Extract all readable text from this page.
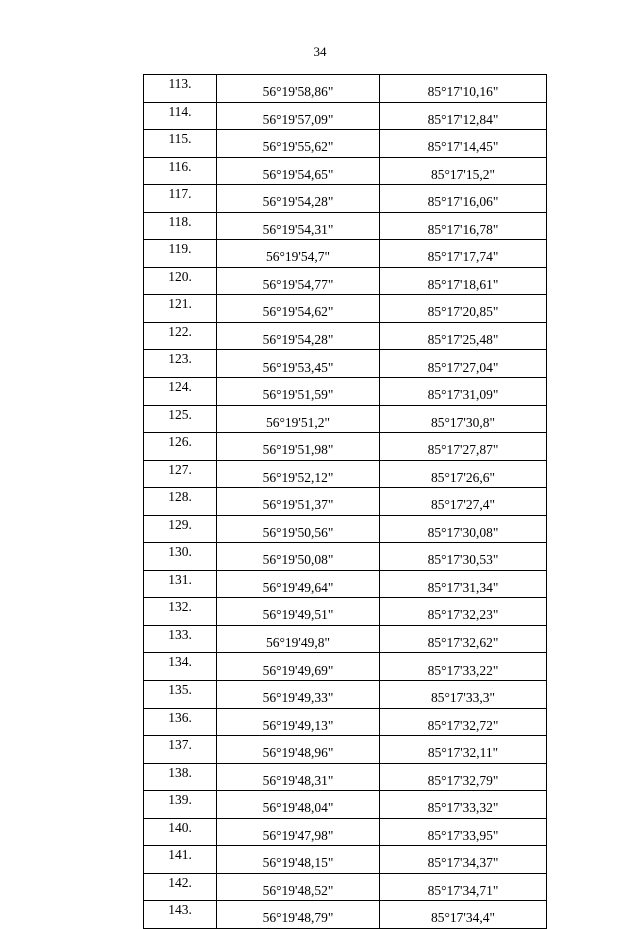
34
113.	56°19'58,86"	85°17'10,16"
114.	56°19'57,09"	85°17'12,84"
115.	56°19'55,62"	85°17'14,45"
116.	56°19'54,65"	85°17'15,2"
117.	56°19'54,28"	85°17'16,06"
118.	56°19'54,31"	85°17'16,78"
119.	56°19'54,7"	85°17'17,74"
120.	56°19'54,77"	85°17'18,61"
121.	56°19'54,62"	85°17'20,85"
122.	56°19'54,28"	85°17'25,48"
123.	56°19'53,45"	85°17'27,04"
124.	56°19'51,59"	85°17'31,09"
125.	56°19'51,2"	85°17'30,8"
126.	56°19'51,98"	85°17'27,87"
127.	56°19'52,12"	85°17'26,6"
128.	56°19'51,37"	85°17'27,4"
129.	56°19'50,56"	85°17'30,08"
130.	56°19'50,08"	85°17'30,53"
131.	56°19'49,64"	85°17'31,34"
132.	56°19'49,51"	85°17'32,23"
133.	56°19'49,8"	85°17'32,62"
134.	56°19'49,69"	85°17'33,22"
135.	56°19'49,33"	85°17'33,3"
136.	56°19'49,13"	85°17'32,72"
137.	56°19'48,96"	85°17'32,11"
138.	56°19'48,31"	85°17'32,79"
139.	56°19'48,04"	85°17'33,32"
140.	56°19'47,98"	85°17'33,95"
141.	56°19'48,15"	85°17'34,37"
142.	56°19'48,52"	85°17'34,71"
143.	56°19'48,79"	85°17'34,4"
